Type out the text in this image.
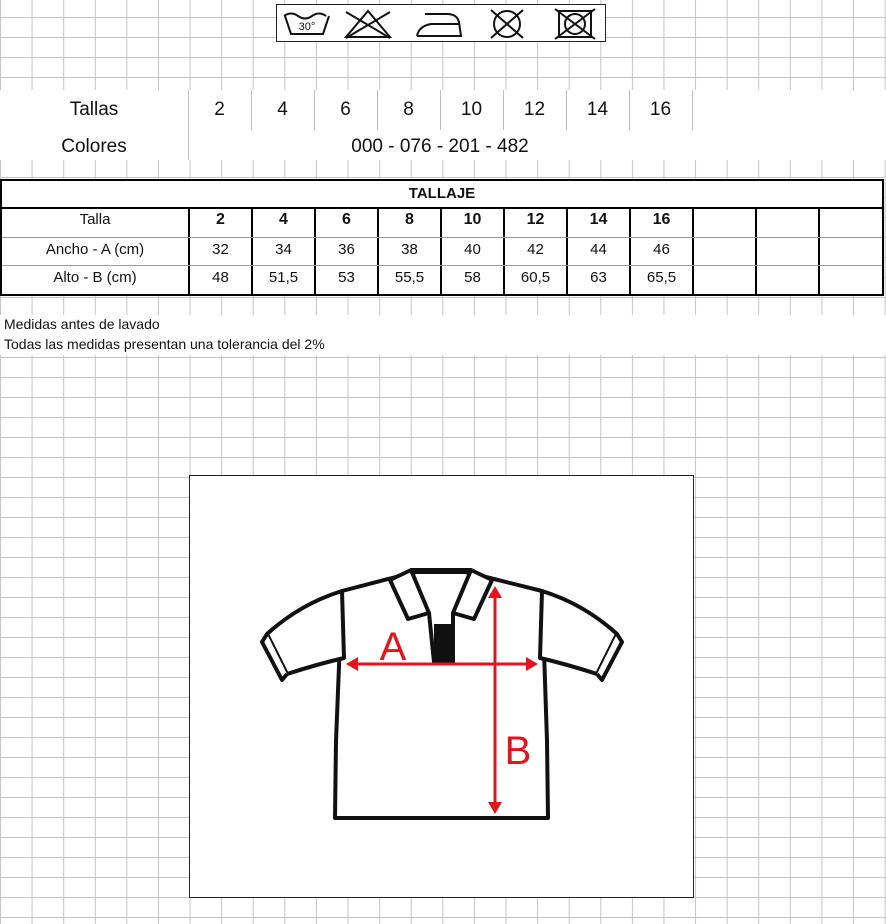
30°
Tallas	2	4	6	8	10	12	14	16
Colores	000 - 076 - 201 - 482
TALLAJE
Talla	2	4	6	8	10	12	14	16
Ancho - A (cm)	32	34	36	38	40	42	44	46
Alto - B (cm)	48	51,5	53	55,5	58	60,5	63	65,5
Medidas antes de lavado
Todas las medidas presentan una tolerancia del 2%
A
B
